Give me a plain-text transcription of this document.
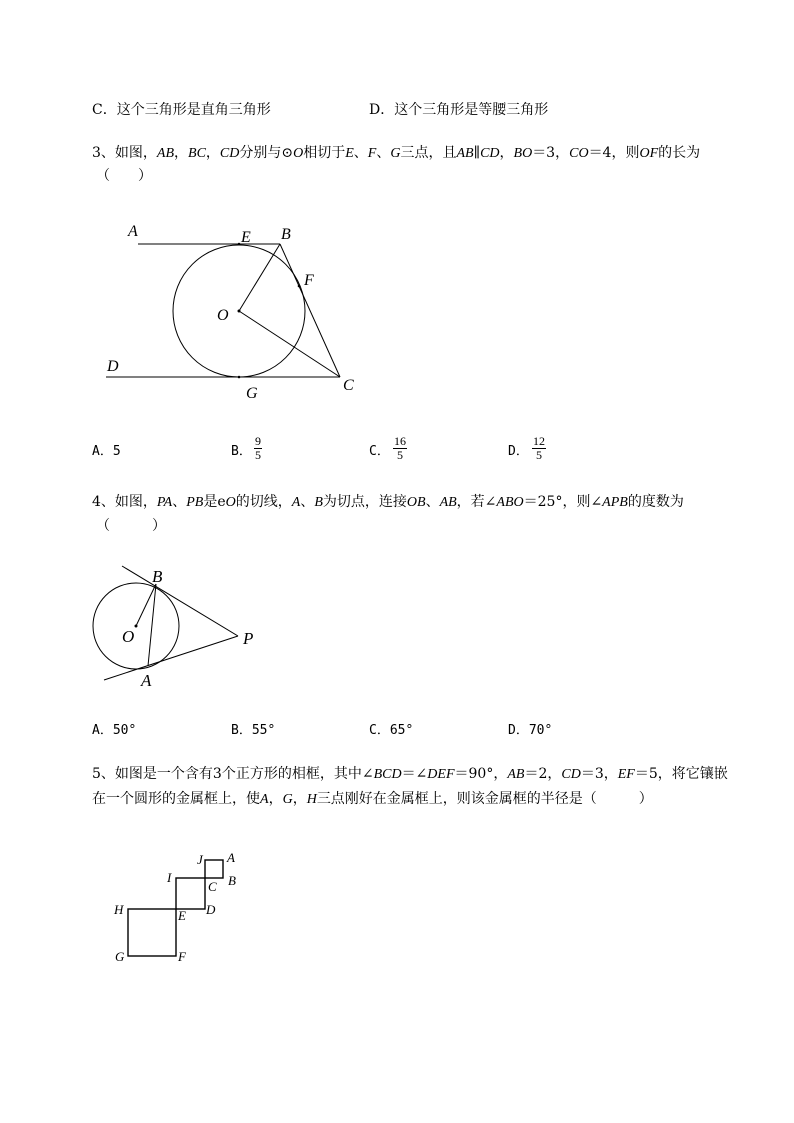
C．这个三角形是直角三角形	D．这个三角形是等腰三角形
3、如图，AB，BC，CD分别与⊙O相切于E、F、G三点，且AB∥CD，BO＝3，CO＝4，则OF的长为
（　　）
A	E B
F
O
D
G	C
A．5	B． $\frac{9}{5}$	C． $\frac{16}{5}$	D． $\frac{12}{5}$
4、如图，PA、PB是eO的切线，A、B为切点，连接OB、AB，若∠ABO＝25°，则∠APB的度数为
（　　　）
B
O	P
A
A．50°	B．55°	C．65°	D．70°
5、如图是一个含有3个正方形的相框，其中∠BCD＝∠DEF＝90°，AB＝2，CD＝3，EF＝5，将它镶嵌
在一个圆形的金属框上，使A，G，H三点刚好在金属框上，则该金属框的半径是（　　　）
J A
I
C B
H	E D
G	F
